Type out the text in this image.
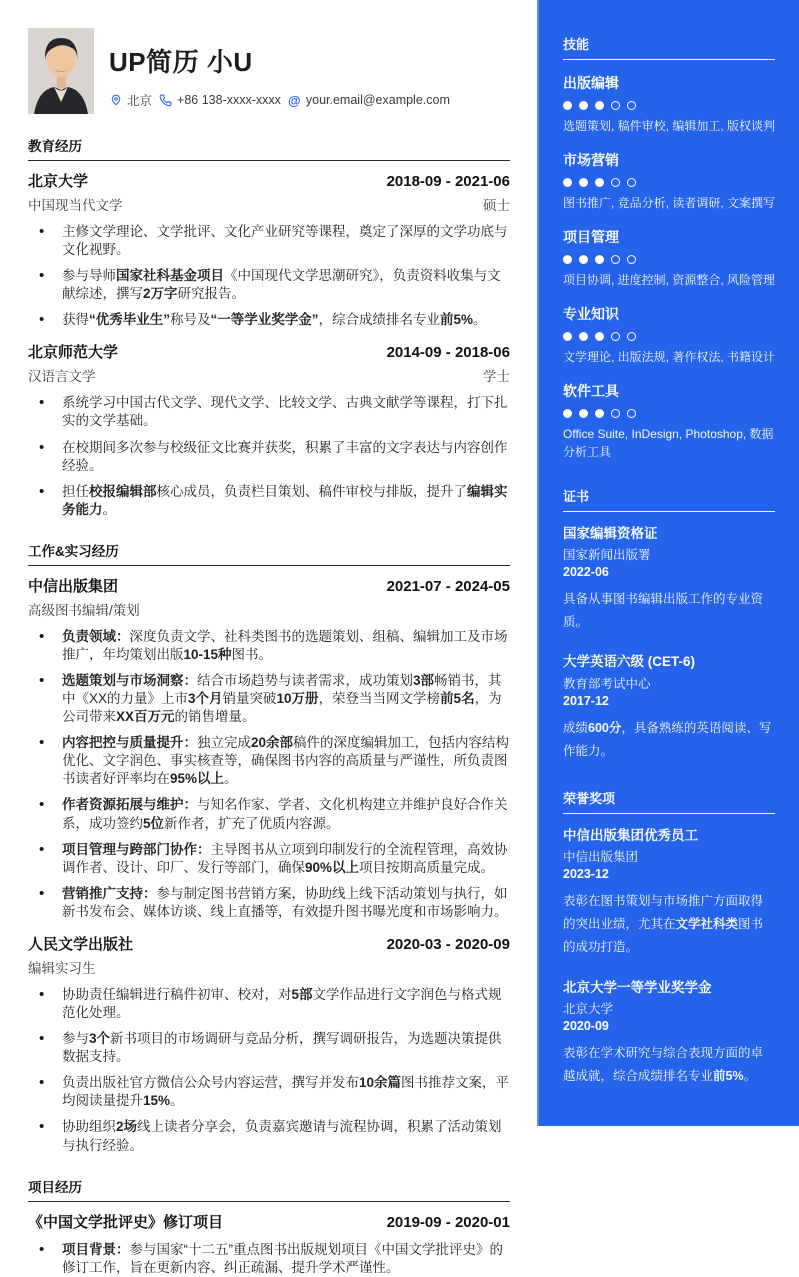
UP简历 小U
北京 +86 138-xxxx-xxxx @ your.email@example.com
教育经历
北京大学	2018-09 - 2021-06
中国现当代文学	硕士
• 主修文学理论、文学批评、文化产业研究等课程，奠定了深厚的文学功底与文化视野。
• 参与导师国家社科基金项目《中国现代文学思潮研究》，负责资料收集与文献综述，撰写2万字研究报告。
• 获得“优秀毕业生”称号及“一等学业奖学金”，综合成绩排名专业前5%。
北京师范大学	2014-09 - 2018-06
汉语言文学	学士
• 系统学习中国古代文学、现代文学、比较文学、古典文献学等课程，打下扎实的文学基础。
• 在校期间多次参与校级征文比赛并获奖，积累了丰富的文字表达与内容创作经验。
• 担任校报编辑部核心成员，负责栏目策划、稿件审校与排版，提升了编辑实务能力。
工作&实习经历
中信出版集团	2021-07 - 2024-05
高级图书编辑/策划
• 负责领域：深度负责文学、社科类图书的选题策划、组稿、编辑加工及市场推广，年均策划出版10-15种图书。
• 选题策划与市场洞察：结合市场趋势与读者需求，成功策划3部畅销书，其中《XX的力量》上市3个月销量突破10万册，荣登当当网文学榜前5名，为公司带来XX百万元的销售增量。
• 内容把控与质量提升：独立完成20余部稿件的深度编辑加工，包括内容结构优化、文字润色、事实核查等，确保图书内容的高质量与严谨性，所负责图书读者好评率均在95%以上。
• 作者资源拓展与维护：与知名作家、学者、文化机构建立并维护良好合作关系，成功签约5位新作者，扩充了优质内容源。
• 项目管理与跨部门协作：主导图书从立项到印制发行的全流程管理，高效协调作者、设计、印厂、发行等部门，确保90%以上项目按期高质量完成。
• 营销推广支持：参与制定图书营销方案，协助线上线下活动策划与执行，如新书发布会、媒体访谈、线上直播等，有效提升图书曝光度和市场影响力。
人民文学出版社	2020-03 - 2020-09
编辑实习生
• 协助责任编辑进行稿件初审、校对，对5部文学作品进行文字润色与格式规范化处理。
• 参与3个新书项目的市场调研与竞品分析，撰写调研报告，为选题决策提供数据支持。
• 负责出版社官方微信公众号内容运营，撰写并发布10余篇图书推荐文案，平均阅读量提升15%。
• 协助组织2场线上读者分享会，负责嘉宾邀请与流程协调，积累了活动策划与执行经验。
项目经历
《中国文学批评史》修订项目	2019-09 - 2020-01
• 项目背景：参与国家“十二五”重点图书出版规划项目《中国文学批评史》的修订工作，旨在更新内容、纠正疏漏、提升学术严谨性。
技能
出版编辑
选题策划, 稿件审校, 编辑加工, 版权谈判
市场营销
图书推广, 竞品分析, 读者调研, 文案撰写
项目管理
项目协调, 进度控制, 资源整合, 风险管理
专业知识
文学理论, 出版法规, 著作权法, 书籍设计
软件工具
Office Suite, InDesign, Photoshop, 数据分析工具
证书
国家编辑资格证
国家新闻出版署
2022-06
具备从事图书编辑出版工作的专业资质。
大学英语六级 (CET-6)
教育部考试中心
2017-12
成绩600分，具备熟练的英语阅读、写作能力。
荣誉奖项
中信出版集团优秀员工
中信出版集团
2023-12
表彰在图书策划与市场推广方面取得的突出业绩，尤其在文学社科类图书的成功打造。
北京大学一等学业奖学金
北京大学
2020-09
表彰在学术研究与综合表现方面的卓越成就，综合成绩排名专业前5%。
